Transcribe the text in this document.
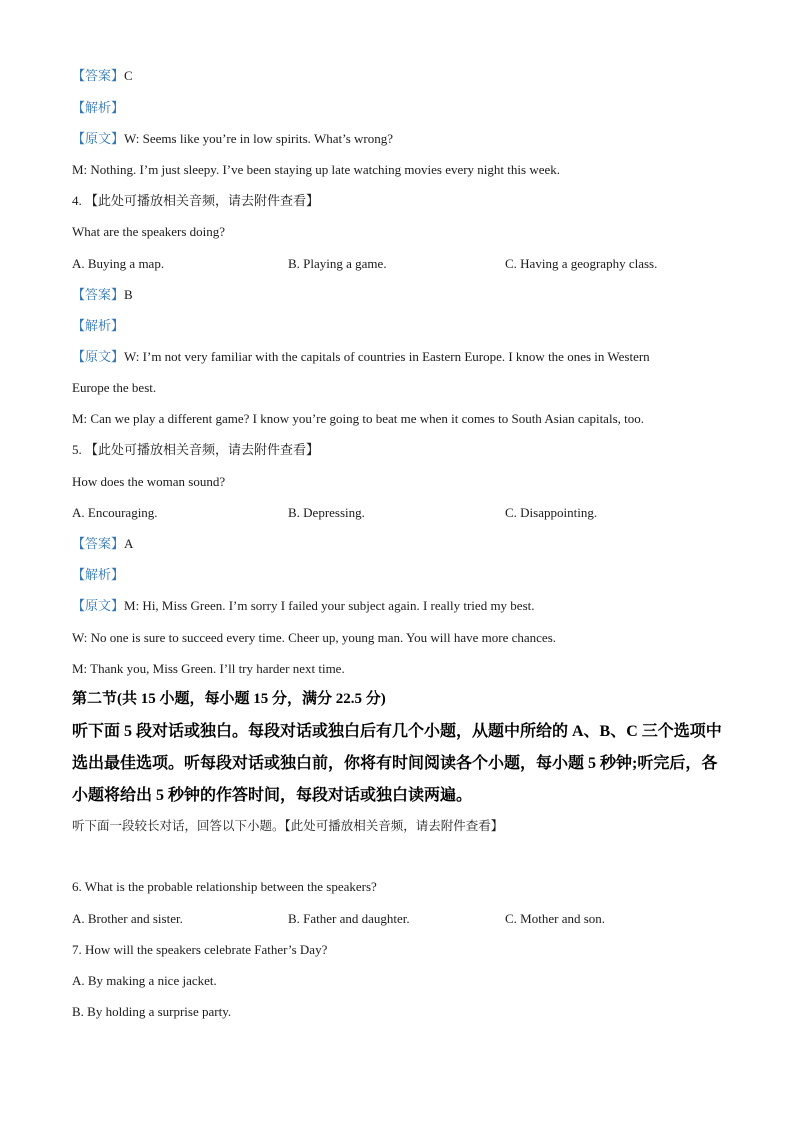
【答案】C
【解析】
【原文】W: Seems like you’re in low spirits. What’s wrong?
M: Nothing. I’m just sleepy. I’ve been staying up late watching movies every night this week.
4. 【此处可播放相关音频，请去附件查看】
What are the speakers doing?
A. Buying a map.	B. Playing a game.	C. Having a geography class.
【答案】B
【解析】
【原文】W: I’m not very familiar with the capitals of countries in Eastern Europe. I know the ones in Western
Europe the best.
M: Can we play a different game? I know you’re going to beat me when it comes to South Asian capitals, too.
5. 【此处可播放相关音频，请去附件查看】
How does the woman sound?
A. Encouraging.	B. Depressing.	C. Disappointing.
【答案】A
【解析】
【原文】M: Hi, Miss Green. I’m sorry I failed your subject again. I really tried my best.
W: No one is sure to succeed every time. Cheer up, young man. You will have more chances.
M: Thank you, Miss Green. I’ll try harder next time.
第二节(共 15 小题，每小题 15 分，满分 22.5 分)
听下面 5 段对话或独白。每段对话或独白后有几个小题，从题中所给的 A、B、C 三个选项中
选出最佳选项。听每段对话或独白前，你将有时间阅读各个小题，每小题 5 秒钟;听完后，各
小题将给出 5 秒钟的作答时间，每段对话或独白读两遍。
听下面一段较长对话，回答以下小题。【此处可播放相关音频，请去附件查看】
6. What is the probable relationship between the speakers?
A. Brother and sister.	B. Father and daughter.	C. Mother and son.
7. How will the speakers celebrate Father’s Day?
A. By making a nice jacket.
B. By holding a surprise party.
